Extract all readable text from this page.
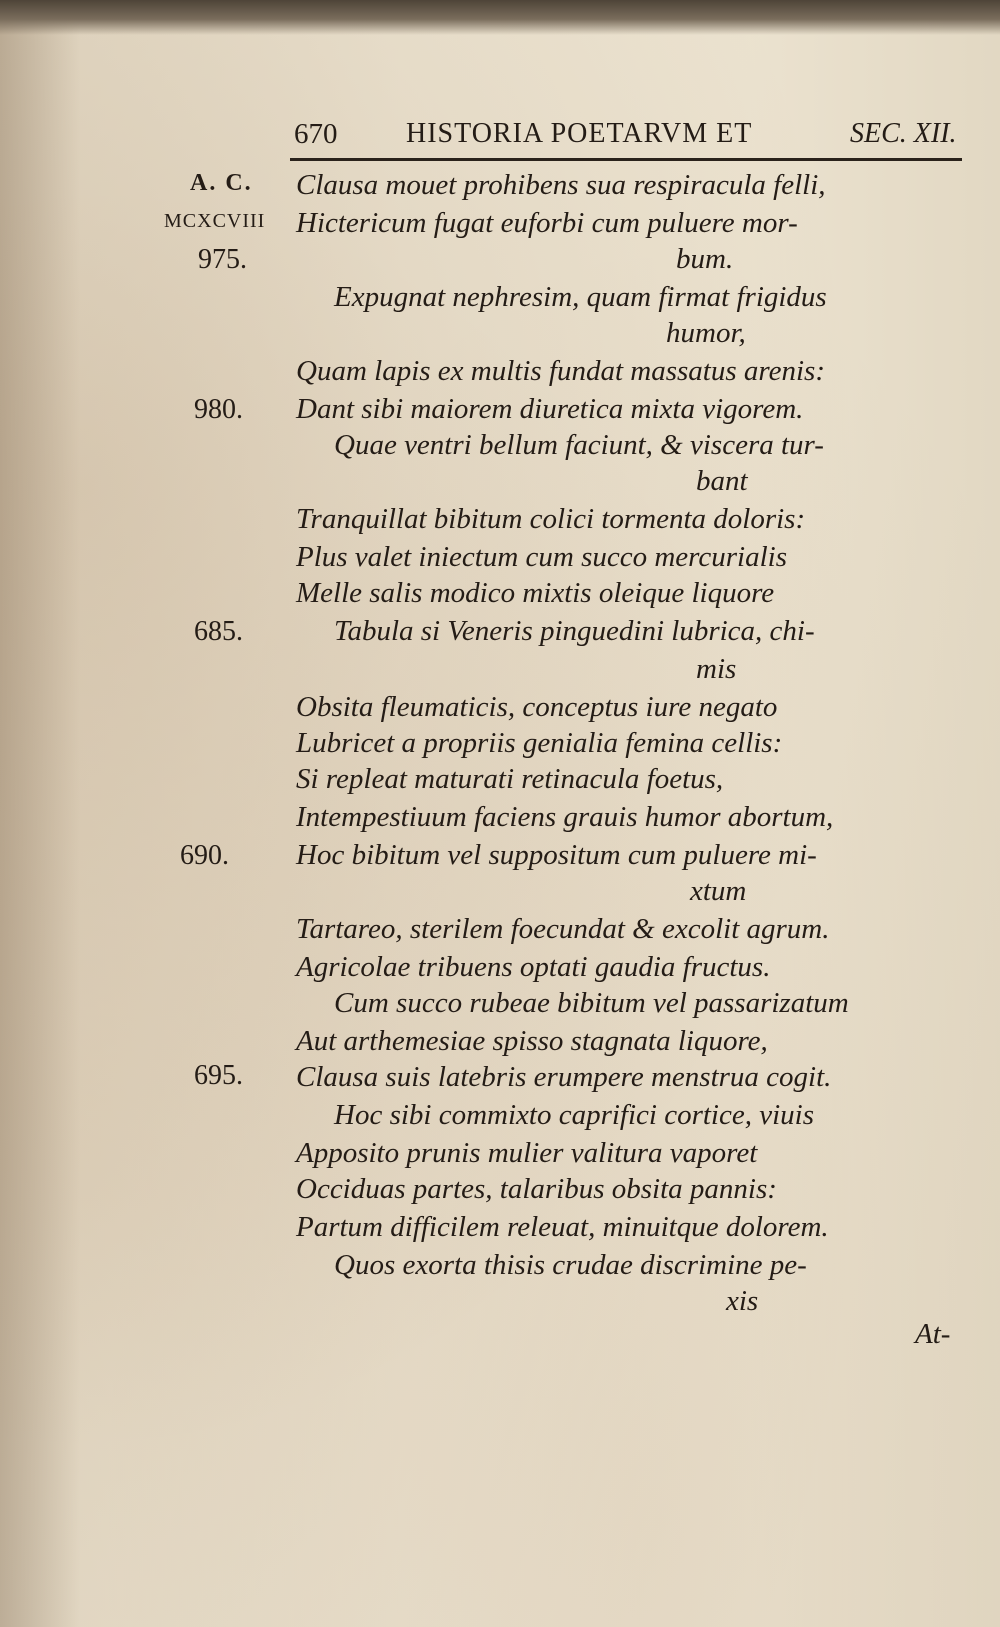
670 HISTORIA POETARVM ET	SEC. XII.
A. C.
MCXCVIII
975.
980.
685.
690.
695.
Clausa mouet prohibens sua respiracula felli,
Hictericum fugat euforbi cum puluere mor-
bum.
Expugnat nephresim, quam firmat frigidus
humor,
Quam lapis ex multis fundat massatus arenis:
Dant sibi maiorem diuretica mixta vigorem.
Quae ventri bellum faciunt, & viscera tur-
bant
Tranquillat bibitum colici tormenta doloris:
Plus valet iniectum cum succo mercurialis
Melle salis modico mixtis oleique liquore
Tabula si Veneris pinguedini lubrica, chi-
mis
Obsita fleumaticis, conceptus iure negato
Lubricet a propriis genialia femina cellis:
Si repleat maturati retinacula foetus,
Intempestiuum faciens grauis humor abortum,
Hoc bibitum vel suppositum cum puluere mi-
xtum
Tartareo, sterilem foecundat & excolit agrum.
Agricolae tribuens optati gaudia fructus.
Cum succo rubeae bibitum vel passarizatum
Aut arthemesiae spisso stagnata liquore,
Clausa suis latebris erumpere menstrua cogit.
Hoc sibi commixto caprifici cortice, viuis
Apposito prunis mulier valitura vaporet
Occiduas partes, talaribus obsita pannis:
Partum difficilem releuat, minuitque dolorem.
Quos exorta thisis crudae discrimine pe-
xis
At-
